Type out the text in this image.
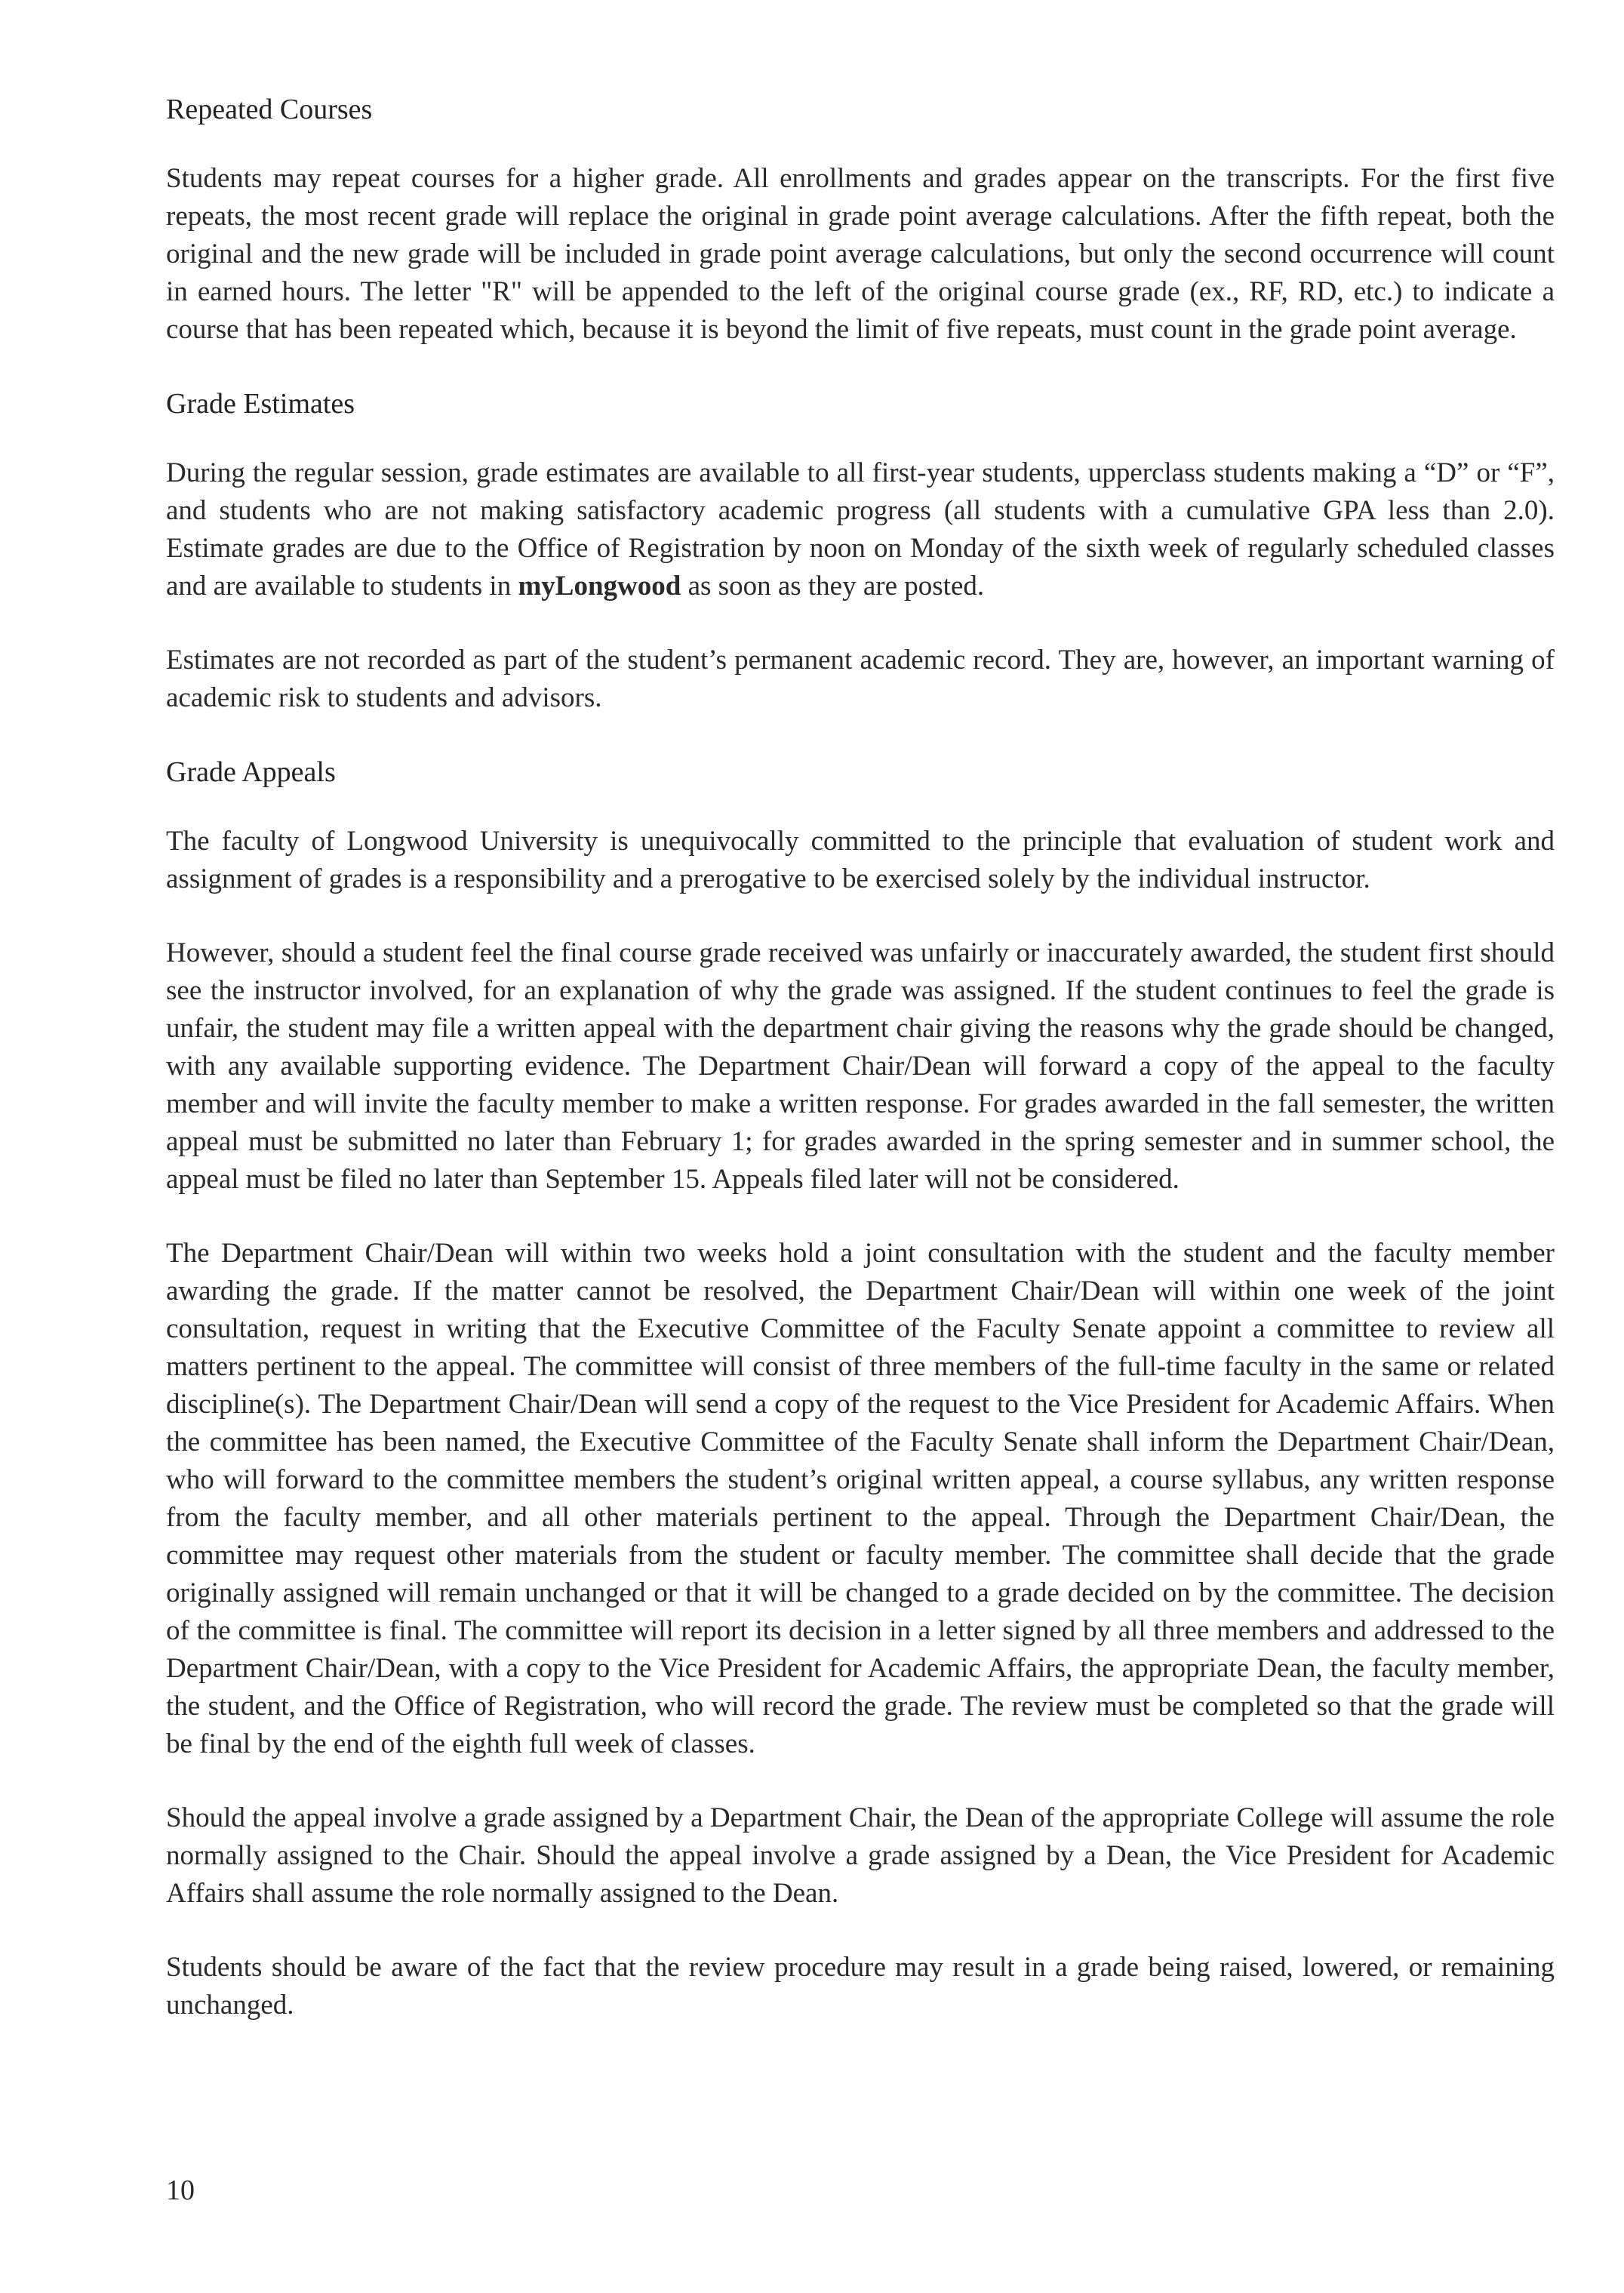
Repeated Courses

Students may repeat courses for a higher grade. All enrollments and grades appear on the transcripts. For the first five repeats, the most recent grade will replace the original in grade point average calculations. After the fifth repeat, both the original and the new grade will be included in grade point average calculations, but only the second occurrence will count in earned hours. The letter "R" will be appended to the left of the original course grade (ex., RF, RD, etc.) to indicate a course that has been repeated which, because it is beyond the limit of five repeats, must count in the grade point average.

Grade Estimates

During the regular session, grade estimates are available to all first-year students, upperclass students making a “D” or “F”, and students who are not making satisfactory academic progress (all students with a cumulative GPA less than 2.0). Estimate grades are due to the Office of Registration by noon on Monday of the sixth week of regularly scheduled classes and are available to students in myLongwood as soon as they are posted.

Estimates are not recorded as part of the student’s permanent academic record. They are, however, an important warning of academic risk to students and advisors.

Grade Appeals

The faculty of Longwood University is unequivocally committed to the principle that evaluation of student work and assignment of grades is a responsibility and a prerogative to be exercised solely by the individual instructor.

However, should a student feel the final course grade received was unfairly or inaccurately awarded, the student first should see the instructor involved, for an explanation of why the grade was assigned. If the student continues to feel the grade is unfair, the student may file a written appeal with the department chair giving the reasons why the grade should be changed, with any available supporting evidence. The Department Chair/Dean will forward a copy of the appeal to the faculty member and will invite the faculty member to make a written response. For grades awarded in the fall semester, the written appeal must be submitted no later than February 1; for grades awarded in the spring semester and in summer school, the appeal must be filed no later than September 15. Appeals filed later will not be considered.

The Department Chair/Dean will within two weeks hold a joint consultation with the student and the faculty member awarding the grade. If the matter cannot be resolved, the Department Chair/Dean will within one week of the joint consultation, request in writing that the Executive Committee of the Faculty Senate appoint a committee to review all matters pertinent to the appeal. The committee will consist of three members of the full-time faculty in the same or related discipline(s). The Department Chair/Dean will send a copy of the request to the Vice President for Academic Affairs. When the committee has been named, the Executive Committee of the Faculty Senate shall inform the Department Chair/Dean, who will forward to the committee members the student’s original written appeal, a course syllabus, any written response from the faculty member, and all other materials pertinent to the appeal. Through the Department Chair/Dean, the committee may request other materials from the student or faculty member. The committee shall decide that the grade originally assigned will remain unchanged or that it will be changed to a grade decided on by the committee. The decision of the committee is final. The committee will report its decision in a letter signed by all three members and addressed to the Department Chair/Dean, with a copy to the Vice President for Academic Affairs, the appropriate Dean, the faculty member, the student, and the Office of Registration, who will record the grade. The review must be completed so that the grade will be final by the end of the eighth full week of classes.

Should the appeal involve a grade assigned by a Department Chair, the Dean of the appropriate College will assume the role normally assigned to the Chair. Should the appeal involve a grade assigned by a Dean, the Vice President for Academic Affairs shall assume the role normally assigned to the Dean.

Students should be aware of the fact that the review procedure may result in a grade being raised, lowered, or remaining unchanged.

10
